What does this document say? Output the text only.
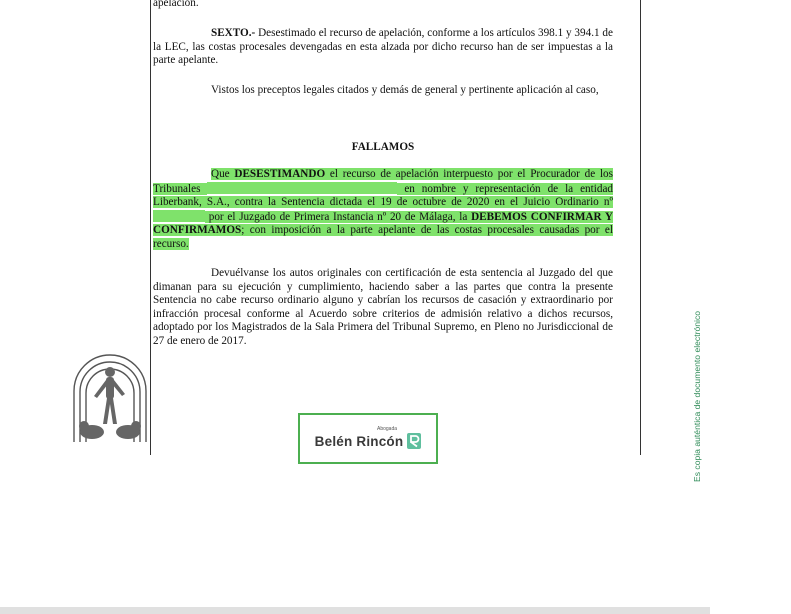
apelación.

SEXTO.- Desestimado el recurso de apelación, conforme a los artículos 398.1 y 394.1 de la LEC, las costas procesales devengadas en esta alzada por dicho recurso han de ser impuestas a la parte apelante.

Vistos los preceptos legales citados y demás de general y pertinente aplicación al caso,

FALLAMOS

Que DESESTIMANDO el recurso de apelación interpuesto por el Procurador de los Tribunales	en nombre y representación de la entidad Liberbank, S.A., contra la Sentencia dictada el 19 de octubre de 2020 en el Juicio Ordinario nº  por el Juzgado de Primera Instancia nº 20 de Málaga, la DEBEMOS CONFIRMAR Y CONFIRMAMOS; con imposición a la parte apelante de las costas procesales causadas por el recurso.

Devuélvanse los autos originales con certificación de esta sentencia al Juzgado del que dimanan para su ejecución y cumplimiento, haciendo saber a las partes que contra la presente Sentencia no cabe recurso ordinario alguno y cabrían los recursos de casación y extraordinario por infracción procesal conforme al Acuerdo sobre criterios de admisión relativo a dichos recursos, adoptado por los Magistrados de la Sala Primera del Tribunal Supremo, en Pleno no Jurisdiccional de 27 de enero de 2017.

Abogada
Belén Rincón	Es copia auténtica de documento electrónico
